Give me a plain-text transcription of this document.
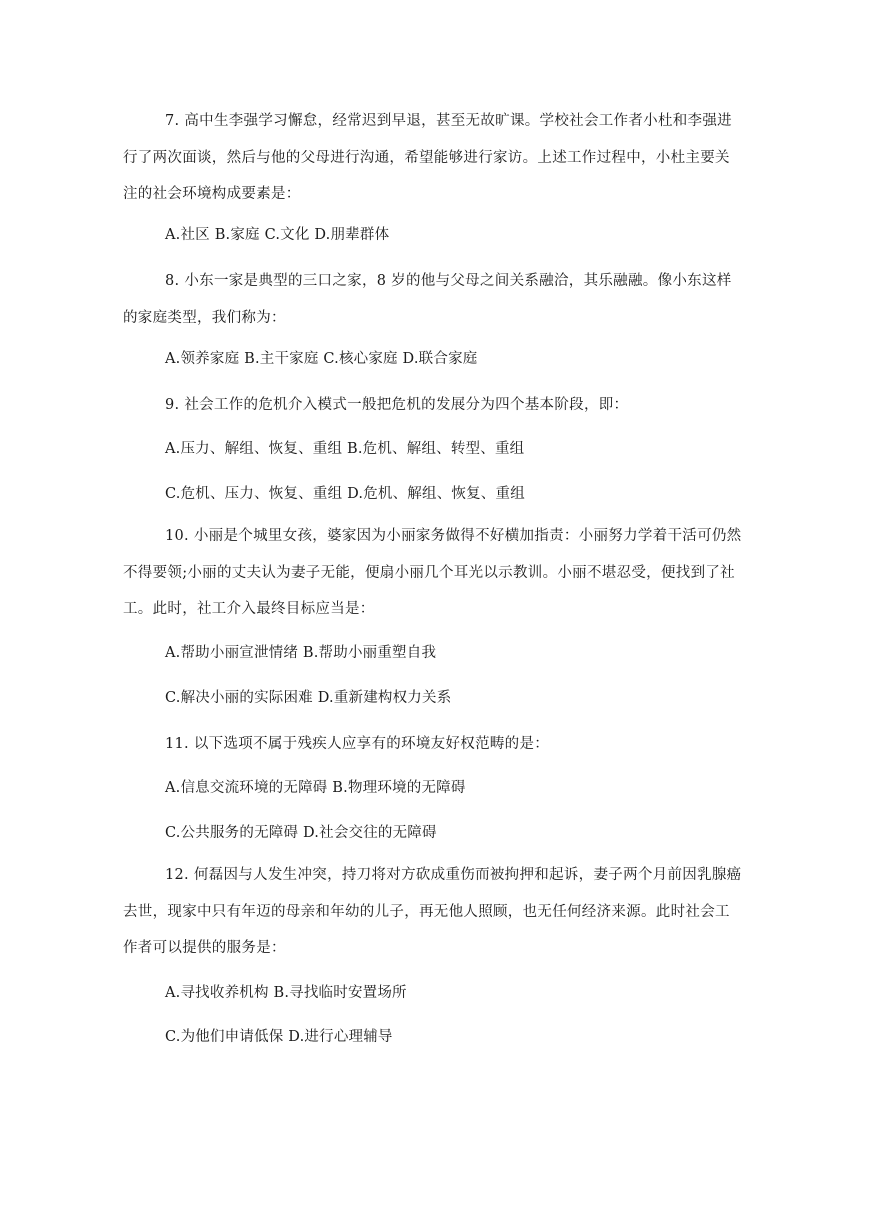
7. 高中生李强学习懈怠，经常迟到早退，甚至无故旷课。学校社会工作者小杜和李强进行了两次面谈，然后与他的父母进行沟通，希望能够进行家访。上述工作过程中，小杜主要关注的社会环境构成要素是：

A.社区 B.家庭 C.文化 D.朋辈群体

8. 小东一家是典型的三口之家，8 岁的他与父母之间关系融洽，其乐融融。像小东这样的家庭类型，我们称为：

A.领养家庭 B.主干家庭 C.核心家庭 D.联合家庭

9. 社会工作的危机介入模式一般把危机的发展分为四个基本阶段，即：

A.压力、解组、恢复、重组 B.危机、解组、转型、重组

C.危机、压力、恢复、重组 D.危机、解组、恢复、重组

10. 小丽是个城里女孩，婆家因为小丽家务做得不好横加指责：小丽努力学着干活可仍然不得要领;小丽的丈夫认为妻子无能，便扇小丽几个耳光以示教训。小丽不堪忍受，便找到了社工。此时，社工介入最终目标应当是：

A.帮助小丽宣泄情绪 B.帮助小丽重塑自我

C.解决小丽的实际困难 D.重新建构权力关系

11. 以下选项不属于残疾人应享有的环境友好权范畴的是：

A.信息交流环境的无障碍 B.物理环境的无障碍

C.公共服务的无障碍 D.社会交往的无障碍

12. 何磊因与人发生冲突，持刀将对方砍成重伤而被拘押和起诉，妻子两个月前因乳腺癌去世，现家中只有年迈的母亲和年幼的儿子，再无他人照顾，也无任何经济来源。此时社会工作者可以提供的服务是：

A.寻找收养机构 B.寻找临时安置场所

C.为他们申请低保 D.进行心理辅导
